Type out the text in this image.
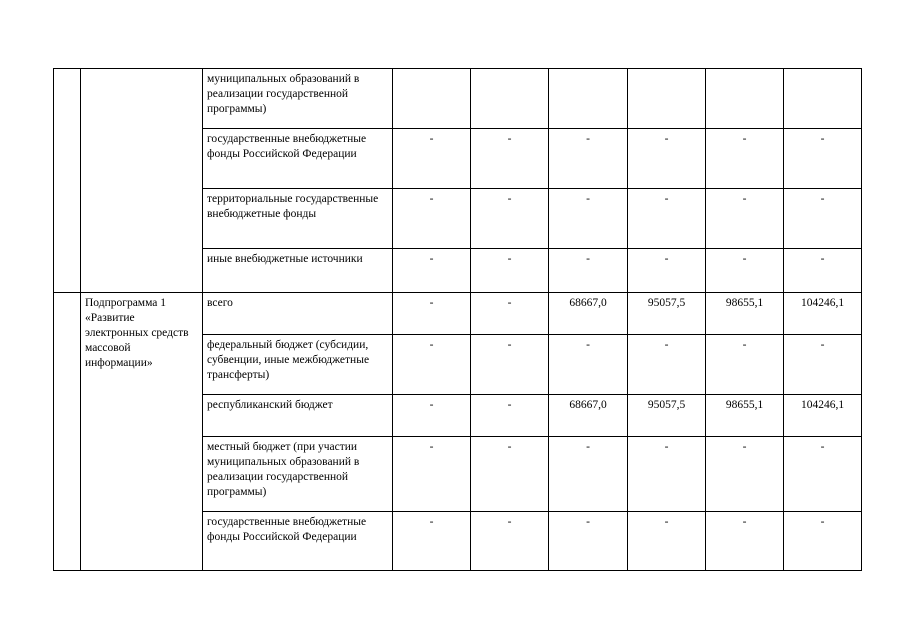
		муниципальных образований в реализации государственной программы)						
		государственные внебюджетные фонды Российской Федерации	-	-	-	-	-	-
		территориальные государственные внебюджетные фонды	-	-	-	-	-	-
		иные внебюджетные источники	-	-	-	-	-	-
	Подпрограмма 1 «Развитие электронных средств массовой информации»	всего	-	-	68667,0	95057,5	98655,1	104246,1
		федеральный бюджет (субсидии, субвенции, иные межбюджетные трансферты)	-	-	-	-	-	-
		республиканский бюджет	-	-	68667,0	95057,5	98655,1	104246,1
		местный бюджет (при участии муниципальных образований в реализации государственной программы)	-	-	-	-	-	-
		государственные внебюджетные фонды Российской Федерации	-	-	-	-	-	-
